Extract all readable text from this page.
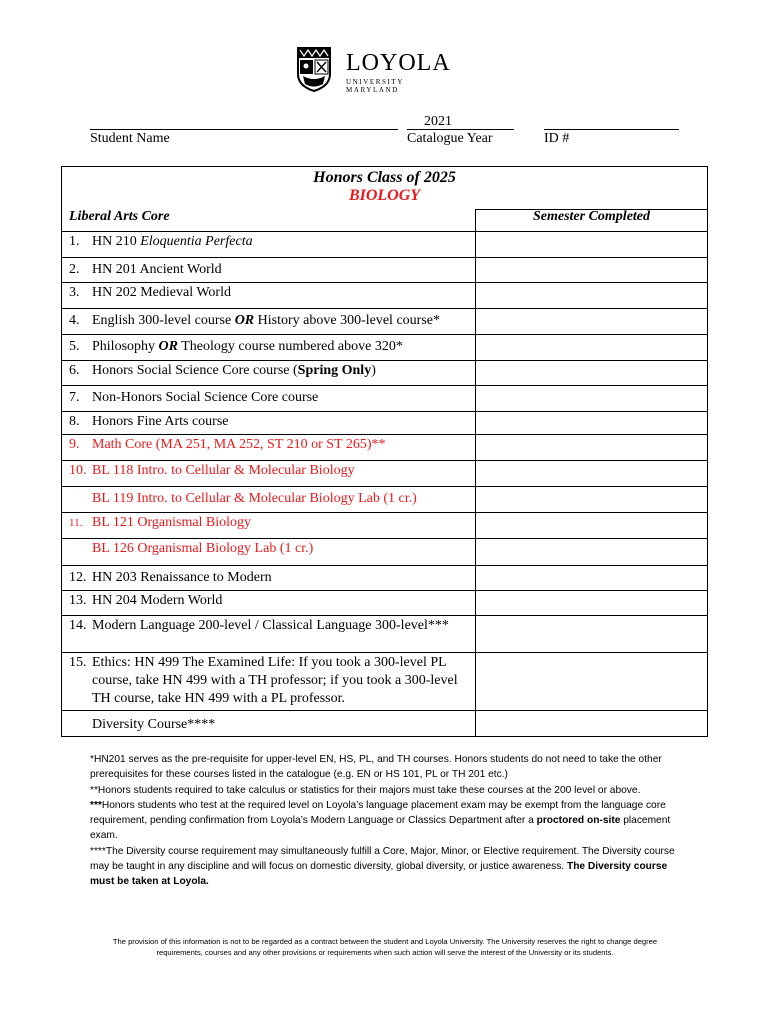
LOYOLA
UNIVERSITY MARYLAND
Student Name
2021
Catalogue Year	ID #
Honors Class of 2025
BIOLOGY
Liberal Arts Core	Semester Completed
1. HN 210 Eloquentia Perfecta
2. HN 201 Ancient World
3. HN 202 Medieval World
4. English 300-level course OR History above 300-level course*
5. Philosophy OR Theology course numbered above 320*
6. Honors Social Science Core course (Spring Only)
7. Non-Honors Social Science Core course
8. Honors Fine Arts course
9. Math Core (MA 251, MA 252, ST 210 or ST 265)**
10. BL 118 Intro. to Cellular & Molecular Biology
BL 119 Intro. to Cellular & Molecular Biology Lab (1 cr.)
11. BL 121 Organismal Biology
BL 126 Organismal Biology Lab (1 cr.)
12. HN 203 Renaissance to Modern
13. HN 204 Modern World
14. Modern Language 200-level / Classical Language 300-level***
15. Ethics: HN 499 The Examined Life: If you took a 300-level PL course, take HN 499 with a TH professor; if you took a 300-level TH course, take HN 499 with a PL professor.
Diversity Course****

*HN201 serves as the pre-requisite for upper-level EN, HS, PL, and TH courses. Honors students do not need to take the other prerequisites for these courses listed in the catalogue (e.g. EN or HS 101, PL or TH 201 etc.)

**Honors students required to take calculus or statistics for their majors must take these courses at the 200 level or above.

***Honors students who test at the required level on Loyola’s language placement exam may be exempt from the language core requirement, pending confirmation from Loyola’s Modern Language or Classics Department after a proctored on-site placement exam.

****The Diversity course requirement may simultaneously fulfill a Core, Major, Minor, or Elective requirement. The Diversity course may be taught in any discipline and will focus on domestic diversity, global diversity, or justice awareness. The Diversity course must be taken at Loyola.

The provision of this information is not to be regarded as a contract between the student and Loyola University. The University reserves the right to change degree requirements, courses and any other provisions or requirements when such action will serve the interest of the University or its students.
